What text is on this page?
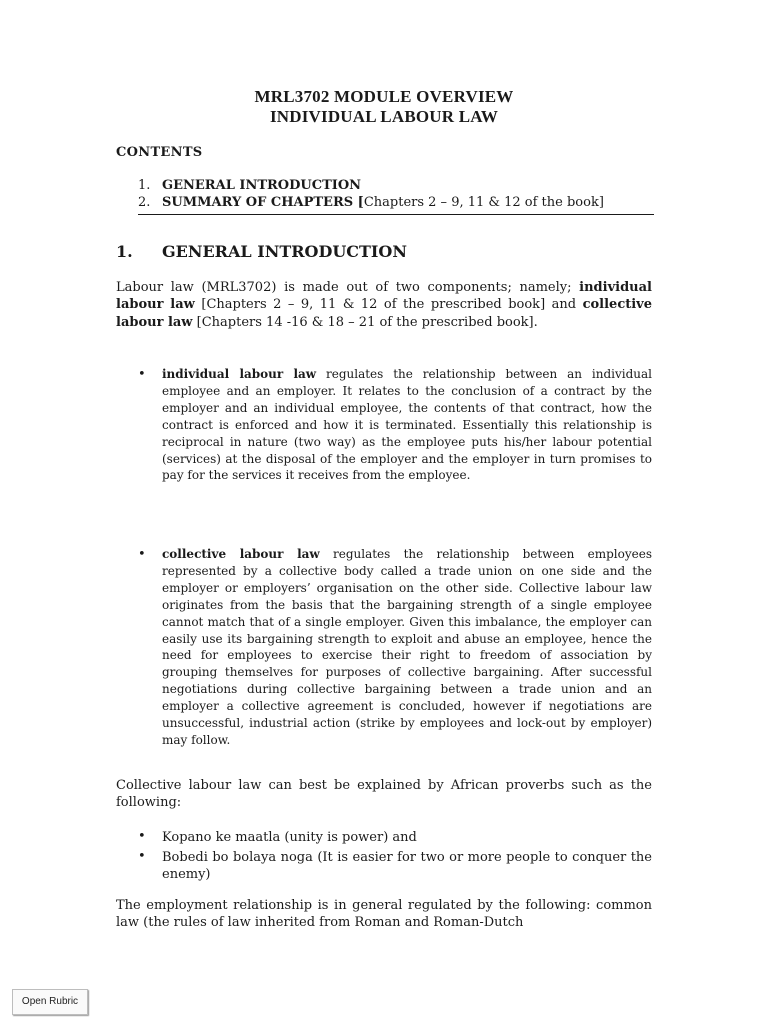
MRL3702 MODULE OVERVIEW
INDIVIDUAL LABOUR LAW
CONTENTS
1. GENERAL INTRODUCTION
2. SUMMARY OF CHAPTERS [Chapters 2 – 9, 11 & 12 of the book]
1. GENERAL INTRODUCTION
Labour law (MRL3702) is made out of two components; namely; individual labour law [Chapters 2 – 9, 11 & 12 of the prescribed book] and collective labour law [Chapters 14 -16 & 18 – 21 of the prescribed book].
• individual labour law regulates the relationship between an individual employee and an employer. It relates to the conclusion of a contract by the employer and an individual employee, the contents of that contract, how the contract is enforced and how it is terminated. Essentially this relationship is reciprocal in nature (two way) as the employee puts his/her labour potential (services) at the disposal of the employer and the employer in turn promises to pay for the services it receives from the employee.
• collective labour law regulates the relationship between employees represented by a collective body called a trade union on one side and the employer or employers’ organisation on the other side. Collective labour law originates from the basis that the bargaining strength of a single employee cannot match that of a single employer. Given this imbalance, the employer can easily use its bargaining strength to exploit and abuse an employee, hence the need for employees to exercise their right to freedom of association by grouping themselves for purposes of collective bargaining. After successful negotiations during collective bargaining between a trade union and an employer a collective agreement is concluded, however if negotiations are unsuccessful, industrial action (strike by employees and lock-out by employer) may follow.
Collective labour law can best be explained by African proverbs such as the following:
• Kopano ke maatla (unity is power) and
• Bobedi bo bolaya noga (It is easier for two or more people to conquer the enemy)
The employment relationship is in general regulated by the following: common law (the rules of law inherited from Roman and Roman-Dutch
Open Rubric
